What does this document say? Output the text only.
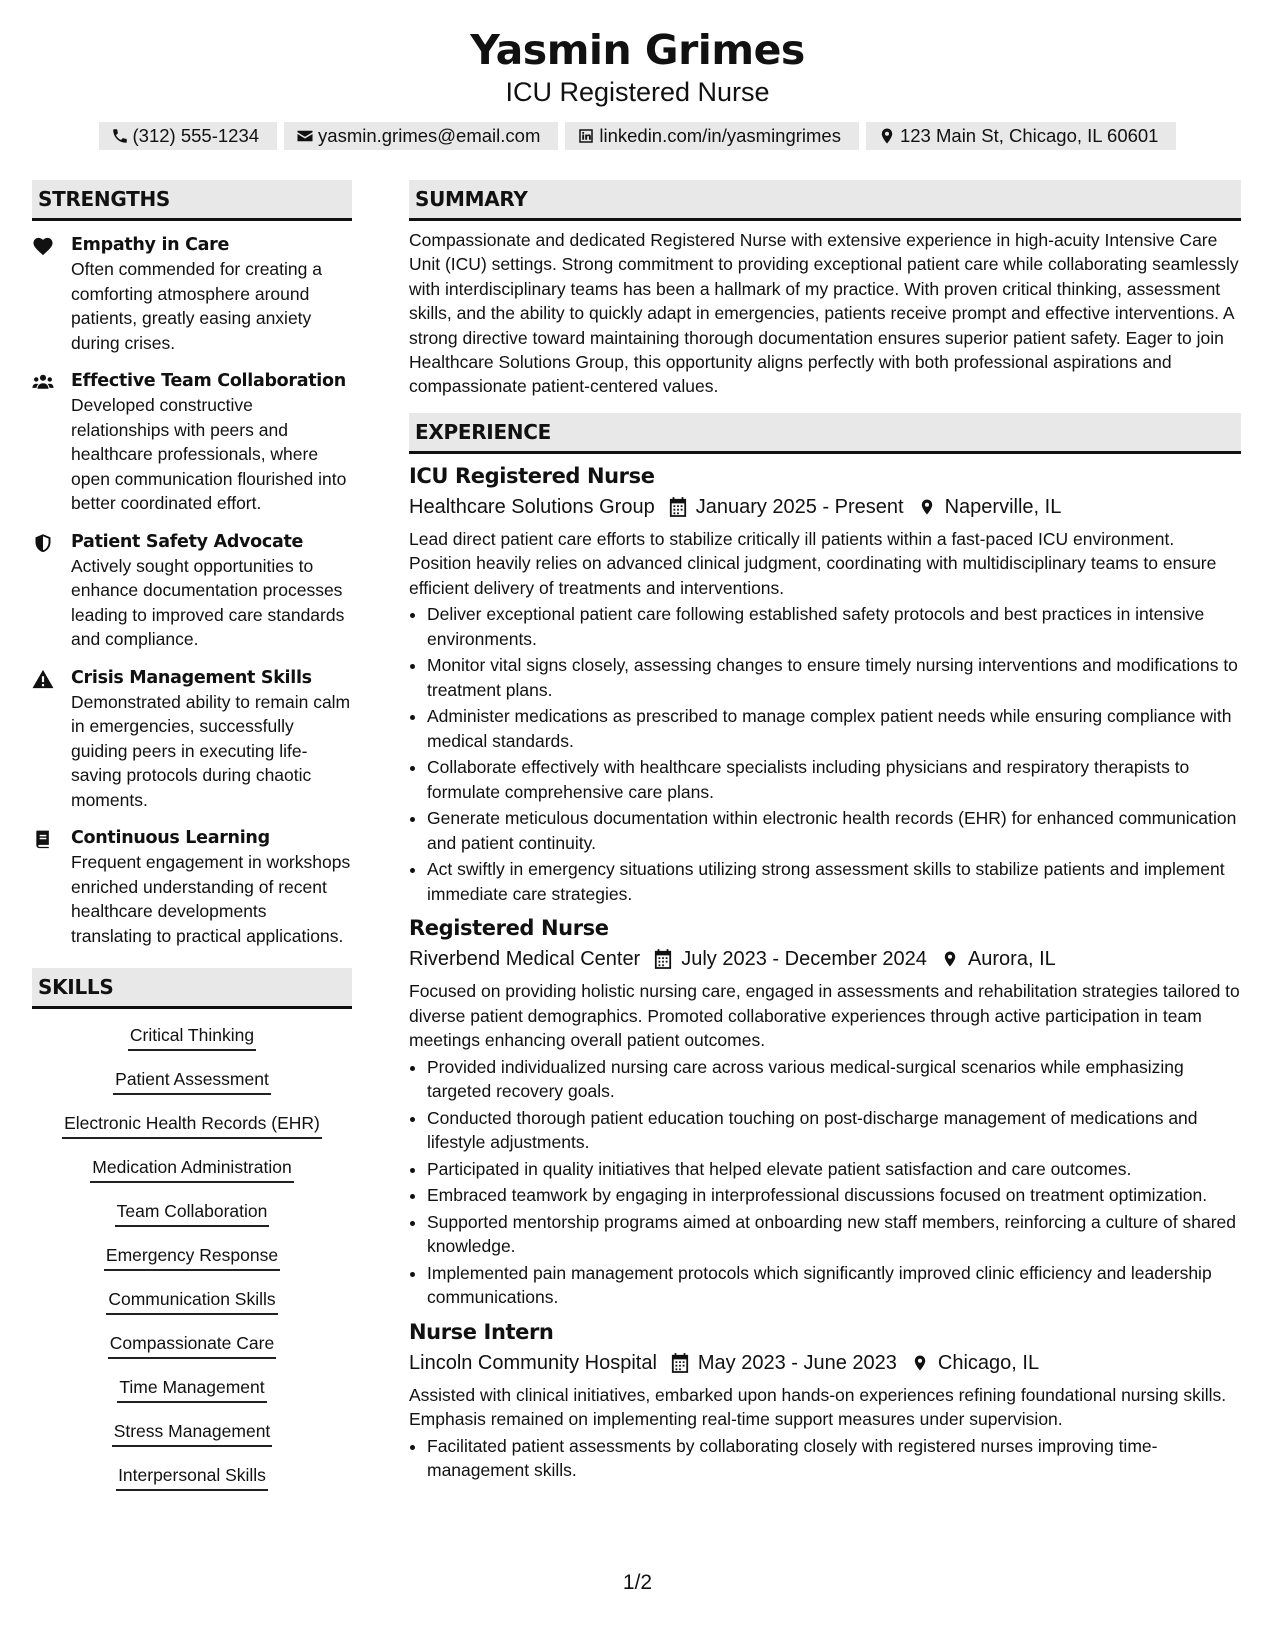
Yasmin Grimes
ICU Registered Nurse
(312) 555-1234	yasmin.grimes@email.com	linkedin.com/in/yasmingrimes	123 Main St, Chicago, IL 60601
STRENGTHS
Empathy in Care
Often commended for creating a comforting atmosphere around patients, greatly easing anxiety during crises.
Effective Team Collaboration
Developed constructive relationships with peers and healthcare professionals, where open communication flourished into better coordinated effort.
Patient Safety Advocate
Actively sought opportunities to enhance documentation processes leading to improved care standards and compliance.
Crisis Management Skills
Demonstrated ability to remain calm in emergencies, successfully guiding peers in executing life-saving protocols during chaotic moments.
Continuous Learning
Frequent engagement in workshops enriched understanding of recent healthcare developments translating to practical applications.
SKILLS
Critical Thinking
Patient Assessment
Electronic Health Records (EHR)
Medication Administration
Team Collaboration
Emergency Response
Communication Skills
Compassionate Care
Time Management
Stress Management
Interpersonal Skills
SUMMARY
Compassionate and dedicated Registered Nurse with extensive experience in high-acuity Intensive Care Unit (ICU) settings. Strong commitment to providing exceptional patient care while collaborating seamlessly with interdisciplinary teams has been a hallmark of my practice. With proven critical thinking, assessment skills, and the ability to quickly adapt in emergencies, patients receive prompt and effective interventions. A strong directive toward maintaining thorough documentation ensures superior patient safety. Eager to join Healthcare Solutions Group, this opportunity aligns perfectly with both professional aspirations and compassionate patient-centered values.
EXPERIENCE
ICU Registered Nurse
Healthcare Solutions Group January 2025 - Present Naperville, IL
Lead direct patient care efforts to stabilize critically ill patients within a fast-paced ICU environment. Position heavily relies on advanced clinical judgment, coordinating with multidisciplinary teams to ensure efficient delivery of treatments and interventions.
• Deliver exceptional patient care following established safety protocols and best practices in intensive environments.
• Monitor vital signs closely, assessing changes to ensure timely nursing interventions and modifications to treatment plans.
• Administer medications as prescribed to manage complex patient needs while ensuring compliance with medical standards.
• Collaborate effectively with healthcare specialists including physicians and respiratory therapists to formulate comprehensive care plans.
• Generate meticulous documentation within electronic health records (EHR) for enhanced communication and patient continuity.
• Act swiftly in emergency situations utilizing strong assessment skills to stabilize patients and implement immediate care strategies.
Registered Nurse
Riverbend Medical Center July 2023 - December 2024 Aurora, IL
Focused on providing holistic nursing care, engaged in assessments and rehabilitation strategies tailored to diverse patient demographics. Promoted collaborative experiences through active participation in team meetings enhancing overall patient outcomes.
• Provided individualized nursing care across various medical-surgical scenarios while emphasizing targeted recovery goals.
• Conducted thorough patient education touching on post-discharge management of medications and lifestyle adjustments.
• Participated in quality initiatives that helped elevate patient satisfaction and care outcomes.
• Embraced teamwork by engaging in interprofessional discussions focused on treatment optimization.
• Supported mentorship programs aimed at onboarding new staff members, reinforcing a culture of shared knowledge.
• Implemented pain management protocols which significantly improved clinic efficiency and leadership communications.
Nurse Intern
Lincoln Community Hospital May 2023 - June 2023 Chicago, IL
Assisted with clinical initiatives, embarked upon hands-on experiences refining foundational nursing skills. Emphasis remained on implementing real-time support measures under supervision.
• Facilitated patient assessments by collaborating closely with registered nurses improving time-management skills.
1/2
